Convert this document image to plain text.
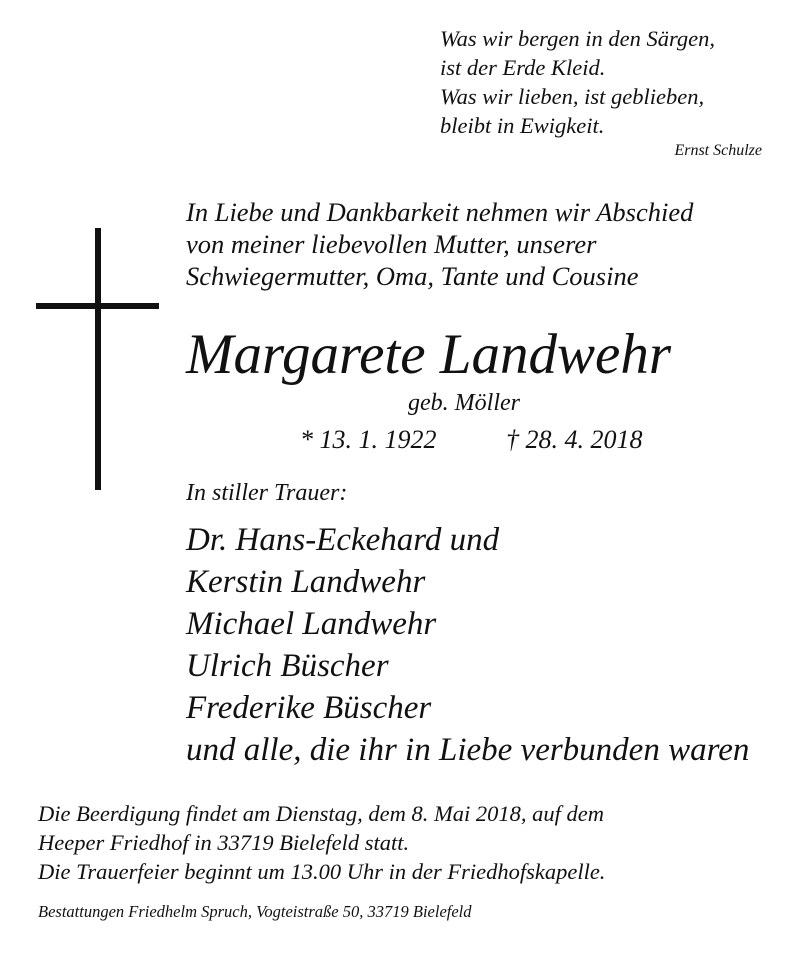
Was wir bergen in den Särgen,
ist der Erde Kleid.
Was wir lieben, ist geblieben,
bleibt in Ewigkeit.
Ernst Schulze
In Liebe und Dankbarkeit nehmen wir Abschied
von meiner liebevollen Mutter, unserer
Schwiegermutter, Oma, Tante und Cousine
Margarete Landwehr
geb. Möller
* 13. 1. 1922	† 28. 4. 2018
In stiller Trauer:
Dr. Hans-Eckehard und
Kerstin Landwehr
Michael Landwehr
Ulrich Büscher
Frederike Büscher
und alle, die ihr in Liebe verbunden waren
Die Beerdigung findet am Dienstag, dem 8. Mai 2018, auf dem
Heeper Friedhof in 33719 Bielefeld statt.
Die Trauerfeier beginnt um 13.00 Uhr in der Friedhofskapelle.
Bestattungen Friedhelm Spruch, Vogteistraße 50, 33719 Bielefeld
